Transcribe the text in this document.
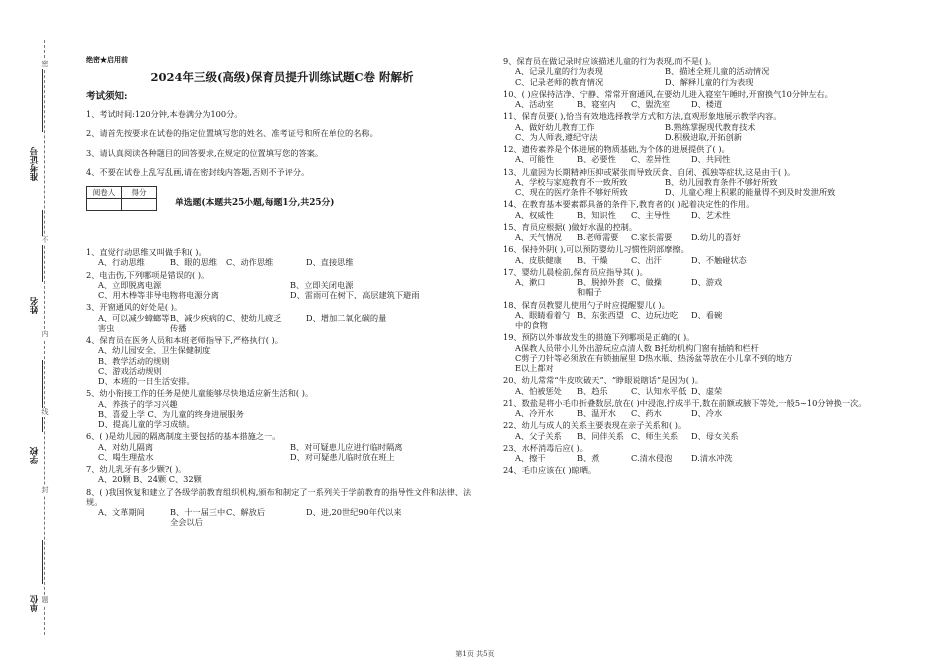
准考证号
姓名
学校
单位
密
不
内
线
封
题
绝密★启用前
2024年三级(高级)保育员提升训练试题C卷 附解析
考试须知:
1、考试时间:120分钟,本卷满分为100分。
2、请首先按要求在试卷的指定位置填写您的姓名、准考证号和所在单位的名称。
3、请认真阅读各种题目的回答要求,在规定的位置填写您的答案。
4、不要在试卷上乱写乱画,请在密封线内答题,否则不予评分。
阅卷人	得分

单选题(本题共25小题,每题1分,共25分)
1、直觉行动思维又叫做手和( )。
A、行动思维	B、眼的思维	C、动作思维	D、直接思维
2、电击伤,下列哪项是错误的( )。
A、立即脱离电源	B、立即关闭电源
C、用木棒等非导电物将电源分离	D、雷雨可在树下、高层建筑下避雨
3、开窗通风的好处是( )。
A、可以减少蟑螂等害虫
B、减少疾病的传播
C、使幼儿疲乏	D、增加二氧化碳的量
4、保育员在医务人员和本班老师指导下,严格执行( )。
A、幼儿园安全、卫生保健制度
B、教学活动的规则
C、游戏活动规则
D、本班的一日生活安排。
5、幼小衔接工作的任务是使儿童能够尽快地适应新生活和( )。
A、养孩子的学习兴趣
B、喜爱上学 C、为儿童的终身进展服务
D、提高儿童的学习成绩。
6、( )是幼儿园的隔离制度主要包括的基本措施之一。
A、对幼儿隔离	B、对可疑患儿应进行临时隔离
C、喝生理盐水	D、对可疑患儿临时放在班上
7、幼儿乳牙有多少颗?( )。
A、20颗 B、24颗 C、32颗
8、( )我国恢复和建立了各级学前教育组织机构,颁布和制定了一系列关于学前教育的指导性文件和法律、法规。
A、文革期间	B、十一届三中全会以后
C、解放后	D、进,20世纪90年代以来
9、保育员在做记录时应该描述儿童的行为表现,而不是( )。
A、记录儿童的行为表现	B、描述全班儿童的活动情况
C、记录老师的教育情况	D、解释儿童的行为表现
10、( )应保持洁净、宁静、常常开窗通风,在要幼儿进入寝室午睡时,开窗换气10分钟左右。
A、活动室	B、寝室内	C、盥洗室	D、楼道
11、保育员要( ),恰当有效地选择教学方式和方法,直观形象地展示教学内容。
A、做好幼儿教育工作	B.熟练掌握现代教育技术
C、为人师表,遵纪守法	D.积极进取,开拓创新
12、遗传素养是个体进展的物质基础,为个体的进展提供了( )。
A、可能性	B、必要性	C、差异性	D、共同性
13、儿童因为长期精神压抑或紧张而导致厌食、自闭、孤独等症状,这是由于( )。
A、学校与家庭教育不一致所致	B、幼儿园教育条件不够好所致
C、现在的医疗条件不够好所致	D、儿童心理上积累的能量得不到及时发泄所致
14、在教育基本要素都具备的条件下,教育者的( )起着决定性的作用。
A、权威性	B、知识性	C、主导性	D、艺术性
15、育员应根据( )做好水温的控制。
A、天气情况	B.老师需要	C.家长需要	D.幼儿的喜好
16、保持外阴( ),可以预防婴幼儿习惯性阴部摩擦。
A、皮肤健康	B、干燥	C、出汗	D、不触碰状态
17、婴幼儿晨检前,保育员应指导其( )。
A、漱口	B、脱掉外套和帽子
C、做操	D、游戏
18、保育员教婴儿使用勺子时应提醒婴儿( )。
A、眼睛看着勺中的食物
B、东张西望 C、边玩边吃	D、看碗
19、预防以外事故发生的措施下列哪项是正确的( )。
A保教人员带小儿外出游玩应点清人数 B托幼机构门窗有插销和栏杆
C剪子刀针等必须放在有锁抽屉里 D热水瓶、热汤盆等放在小儿拿不到的地方
E以上都对
20、幼儿常常“牛皮吹破天”、“睁眼说瞎话”是因为( )。
A、怕被惩处	B、趋乐	C、认知水平低 D、虚荣
21、数盐是将小毛巾折叠数层,放在( )中浸泡,拧成半干,数在前额或腋下等处,一般5~10分钟换一次。
A、冷开水	B、温开水	C、药水	D、冷水
22、幼儿与成人的关系主要表现在亲子关系和( )。
A、父子关系	B、同伴关系 C、师生关系	D、母女关系
23、水杯消毒后应( )。
A、擦干	B、煮	C.清水侵泡	D.清水冲洗
24、毛巾应该在( )晾晒。
第1页 共5页
